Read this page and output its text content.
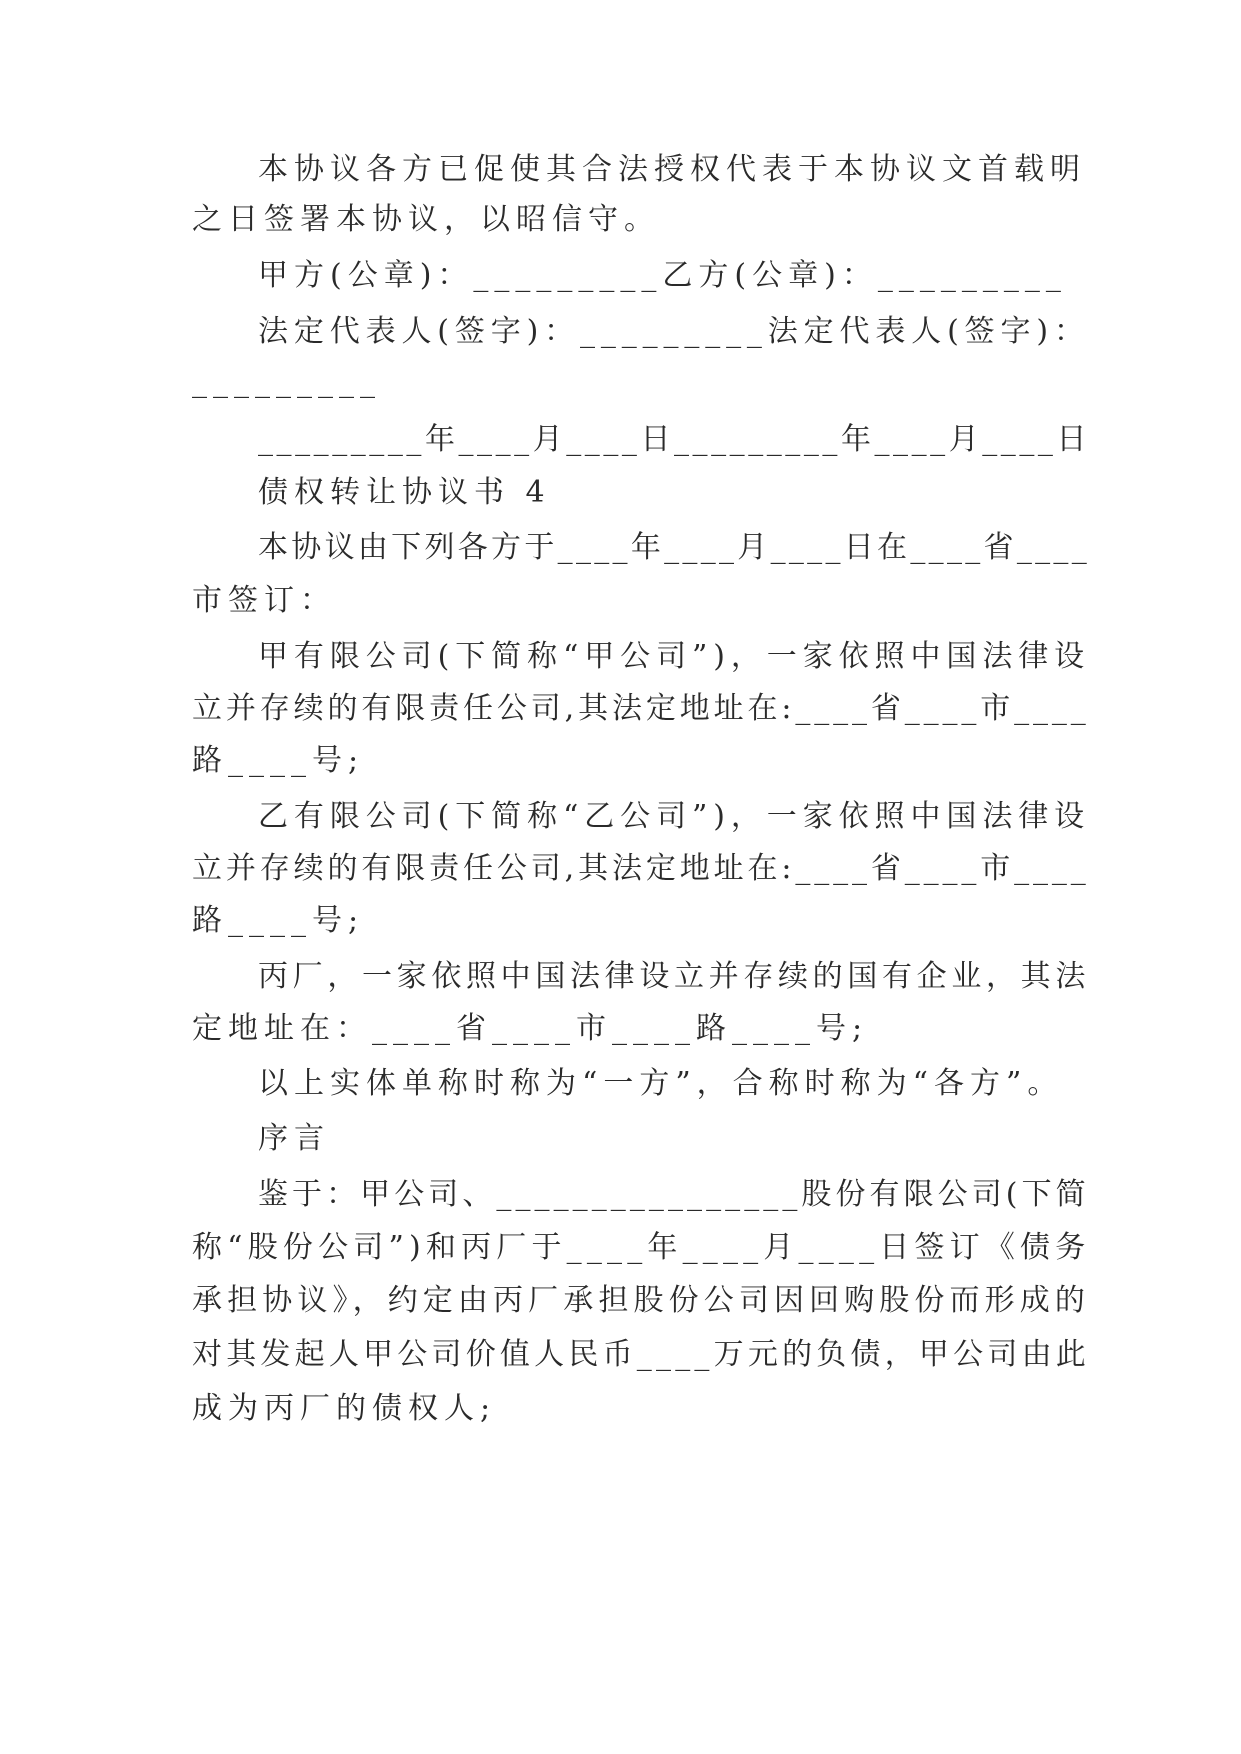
本协议各方已促使其合法授权代表于本协议文首载明
之日签署本协议，以昭信守。
甲方(公章)：_________乙方(公章)：_________
法定代表人(签字)：_________法定代表人(签字)：
_________
_________年____月____日_________年____月____日
债权转让协议书 4
本协议由下列各方于____年____月____日在____省____
市签订：
甲有限公司(下简称“甲公司”)，一家依照中国法律设
立并存续的有限责任公司,其法定地址在:____省____市____
路____号;
乙有限公司(下简称“乙公司”)，一家依照中国法律设
立并存续的有限责任公司,其法定地址在:____省____市____
路____号;
丙厂，一家依照中国法律设立并存续的国有企业，其法
定地址在：____省____市____路____号;
以上实体单称时称为“一方”，合称时称为“各方”。
序言
鉴于：甲公司、________________股份有限公司(下简
称“股份公司”)和丙厂于____年____月____日签订《债务
承担协议》，约定由丙厂承担股份公司因回购股份而形成的
对其发起人甲公司价值人民币____万元的负债，甲公司由此
成为丙厂的债权人;
